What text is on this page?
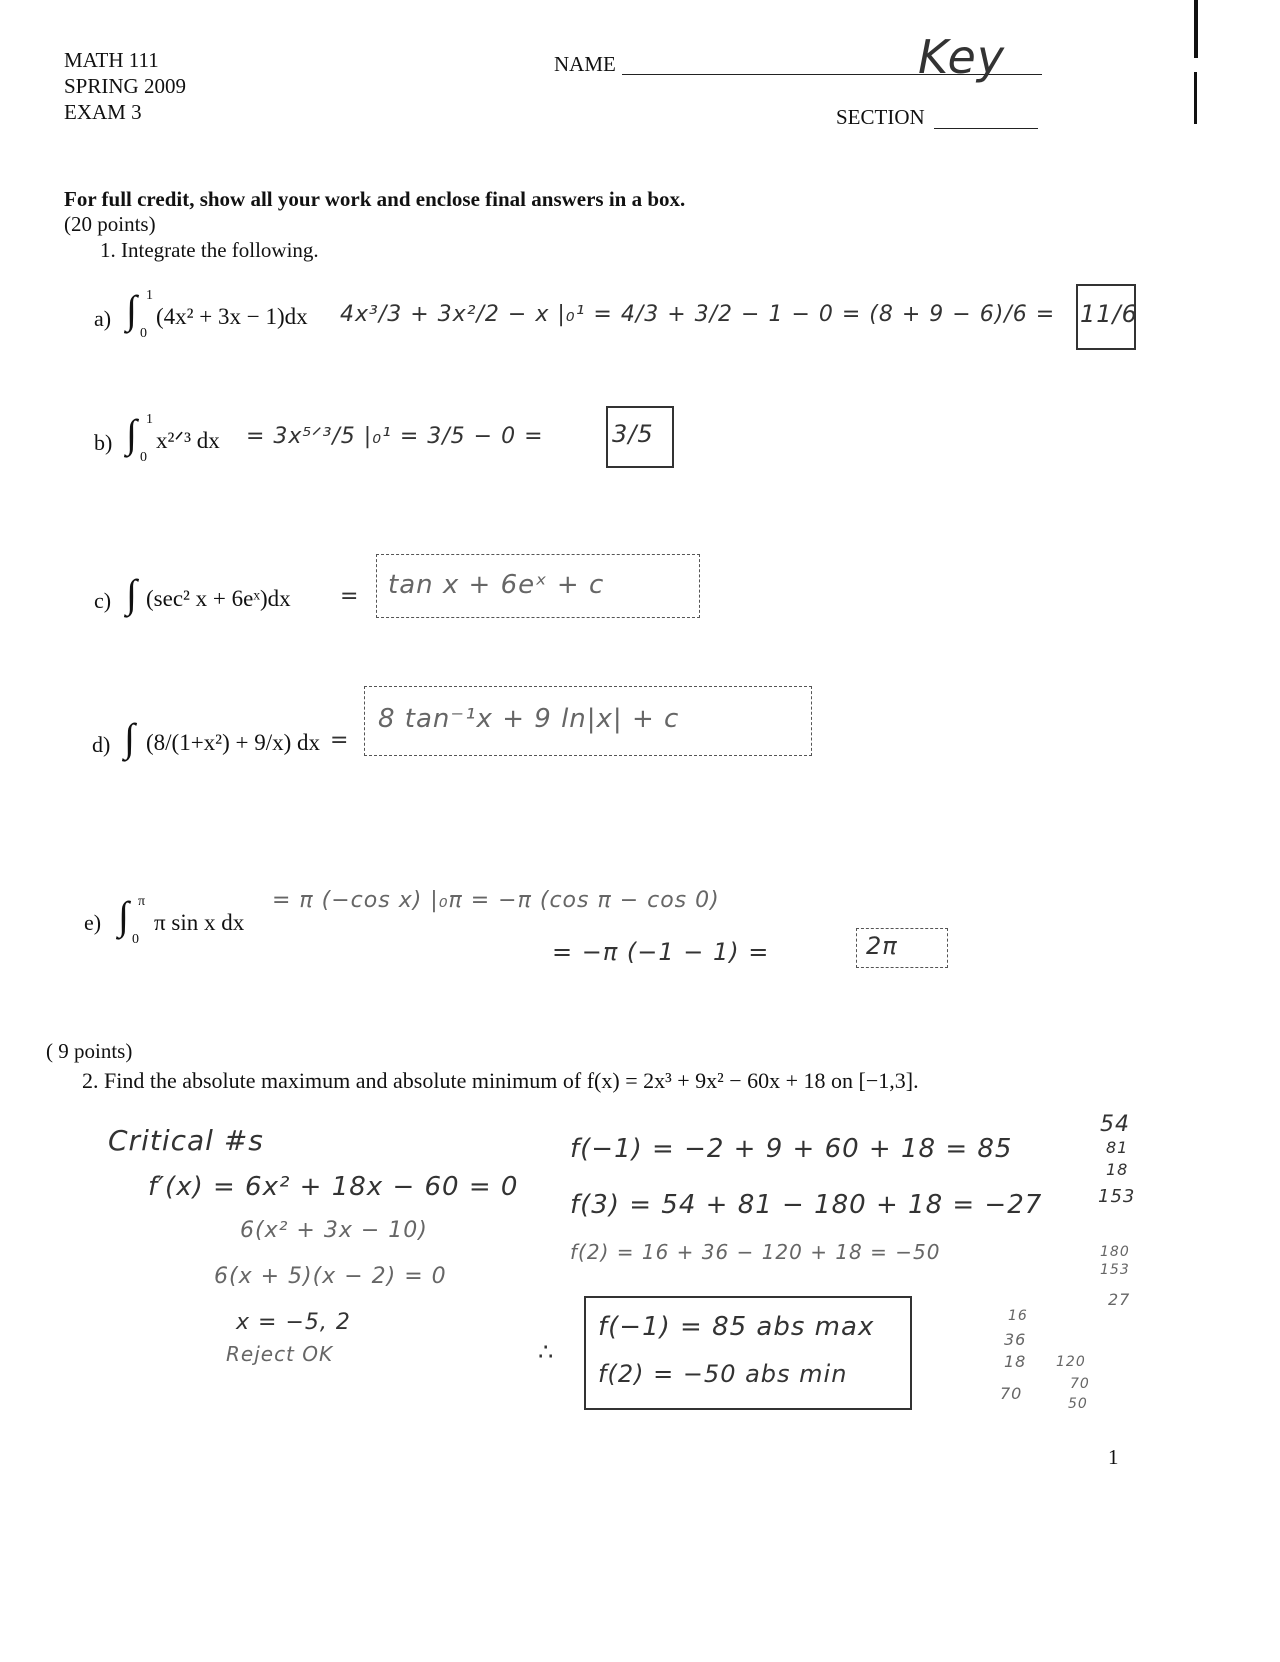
MATH 111
SPRING 2009
EXAM 3
NAME	Key
SECTION
For full credit, show all your work and enclose final answers in a box.
(20 points)
1. Integrate the following.
a) ∫ 1
0
(4x² + 3x − 1)dx 4x³/3 + 3x²/2 − x |₀¹ = 4/3 + 3/2 − 1 − 0 = (8 + 9 − 6)/6 = 11/6
b) ∫ 1
0
x²ᐟ³ dx = 3x⁵ᐟ³/5 |₀¹ = 3/5 − 0 =	3/5
c) ∫ (sec² x + 6eˣ)dx = tan x + 6eˣ + c
d) ∫ (8/(1+x²) + 9/x) dx =
8 tan⁻¹x + 9 ln|x| + c
e) ∫ π
0
π sin x dx
= π (−cos x) |₀π = −π (cos π − cos 0)
= −π (−1 − 1) =	2π
( 9 points)
2. Find the absolute maximum and absolute minimum of f(x) = 2x³ + 9x² − 60x + 18 on [−1,3].
Critical #s
f′(x) = 6x² + 18x − 60 = 0
6(x² + 3x − 10)
6(x + 5)(x − 2) = 0
x = −5, 2
Reject OK
f(−1) = −2 + 9 + 60 + 18 = 85
f(3) = 54 + 81 − 180 + 18 = −27
f(2) = 16 + 36 − 120 + 18 = −50
∴
f(−1) = 85 abs max
f(2) = −50 abs min
54
81
18
153
180
153
27
16
36
18
70
120
70
50
1
